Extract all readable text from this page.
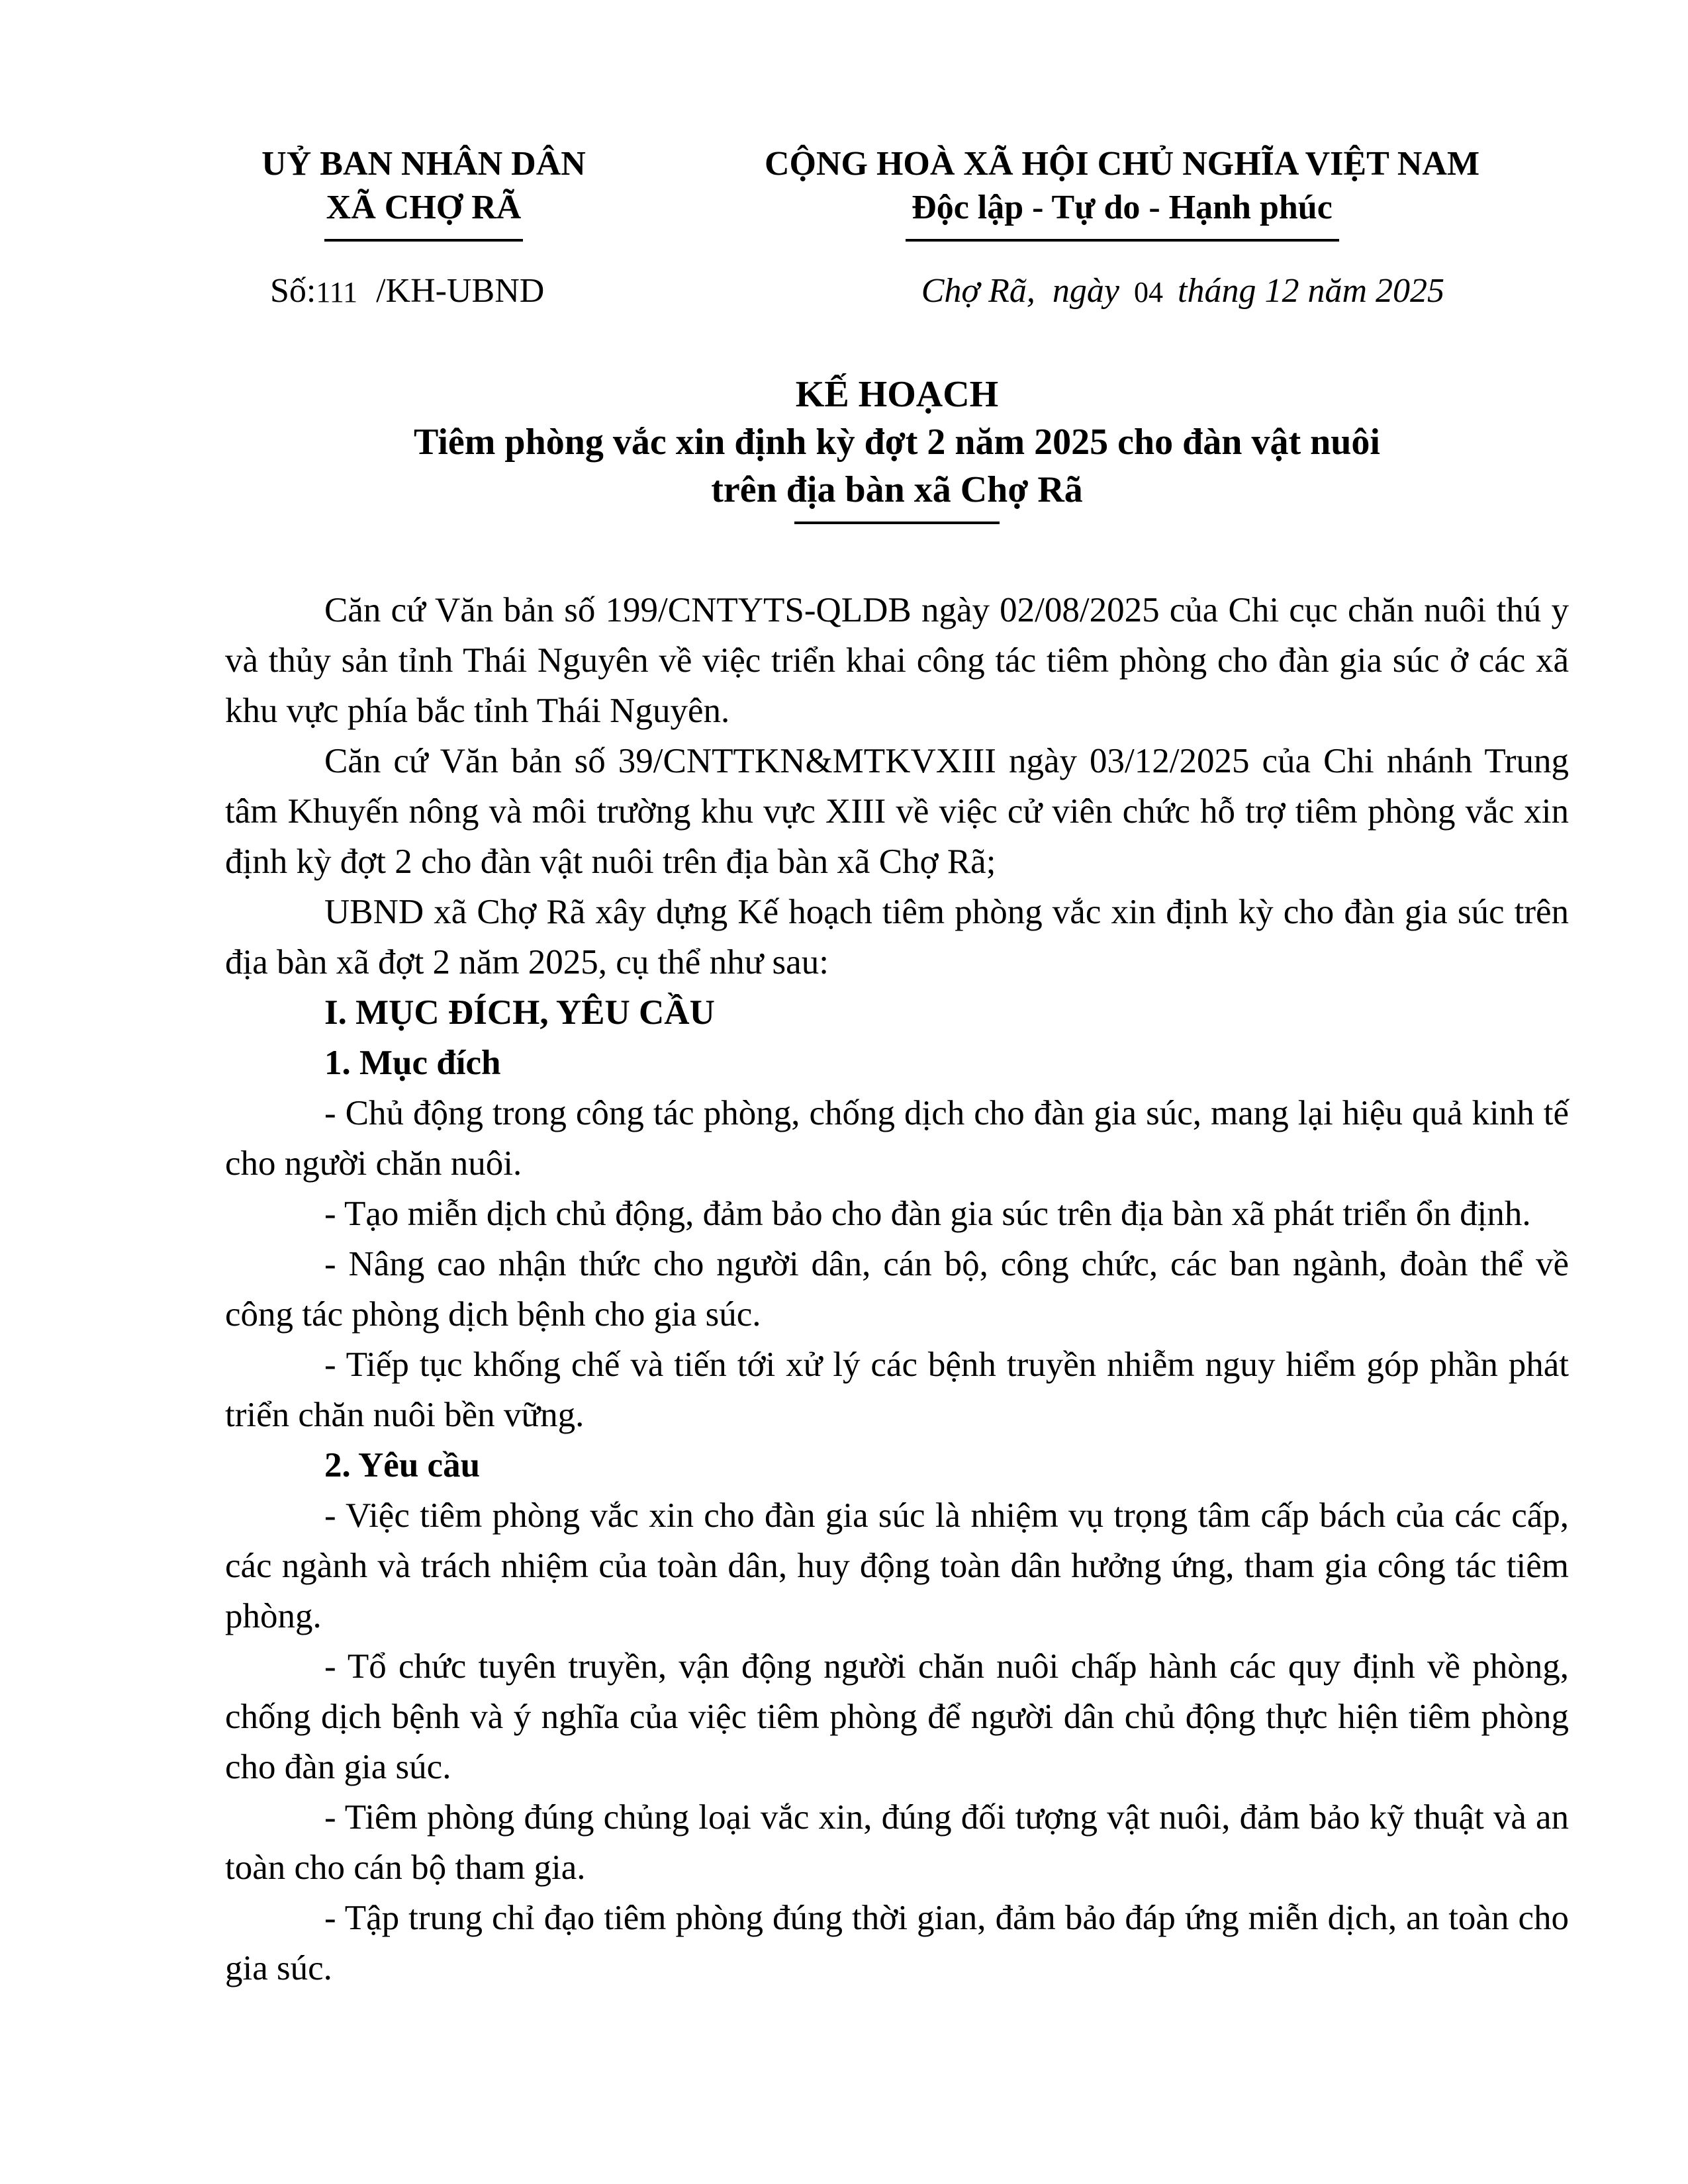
UỶ BAN NHÂN DÂN
XÃ CHỢ RÃ
CỘNG HOÀ XÃ HỘI CHỦ NGHĨA VIỆT NAM
Độc lập - Tự do - Hạnh phúc
Số:111 /KH-UBND	Chợ Rã, ngày 04 tháng 12 năm 2025
KẾ HOẠCH
Tiêm phòng vắc xin định kỳ đợt 2 năm 2025 cho đàn vật nuôi
trên địa bàn xã Chợ Rã

Căn cứ Văn bản số 199/CNTYTS-QLDB ngày 02/08/2025 của Chi cục chăn nuôi thú y và thủy sản tỉnh Thái Nguyên về việc triển khai công tác tiêm phòng cho đàn gia súc ở các xã khu vực phía bắc tỉnh Thái Nguyên.

Căn cứ Văn bản số 39/CNTTKN&MTKVXIII ngày 03/12/2025 của Chi nhánh Trung tâm Khuyến nông và môi trường khu vực XIII về việc cử viên chức hỗ trợ tiêm phòng vắc xin định kỳ đợt 2 cho đàn vật nuôi trên địa bàn xã Chợ Rã;

UBND xã Chợ Rã xây dựng Kế hoạch tiêm phòng vắc xin định kỳ cho đàn gia súc trên địa bàn xã đợt 2 năm 2025, cụ thể như sau:

I. MỤC ĐÍCH, YÊU CẦU

1. Mục đích

- Chủ động trong công tác phòng, chống dịch cho đàn gia súc, mang lại hiệu quả kinh tế cho người chăn nuôi.

- Tạo miễn dịch chủ động, đảm bảo cho đàn gia súc trên địa bàn xã phát triển ổn định.

- Nâng cao nhận thức cho người dân, cán bộ, công chức, các ban ngành, đoàn thể về công tác phòng dịch bệnh cho gia súc.

- Tiếp tục khống chế và tiến tới xử lý các bệnh truyền nhiễm nguy hiểm góp phần phát triển chăn nuôi bền vững.

2. Yêu cầu

- Việc tiêm phòng vắc xin cho đàn gia súc là nhiệm vụ trọng tâm cấp bách của các cấp, các ngành và trách nhiệm của toàn dân, huy động toàn dân hưởng ứng, tham gia công tác tiêm phòng.

- Tổ chức tuyên truyền, vận động người chăn nuôi chấp hành các quy định về phòng, chống dịch bệnh và ý nghĩa của việc tiêm phòng để người dân chủ động thực hiện tiêm phòng cho đàn gia súc.

- Tiêm phòng đúng chủng loại vắc xin, đúng đối tượng vật nuôi, đảm bảo kỹ thuật và an toàn cho cán bộ tham gia.

- Tập trung chỉ đạo tiêm phòng đúng thời gian, đảm bảo đáp ứng miễn dịch, an toàn cho gia súc.
